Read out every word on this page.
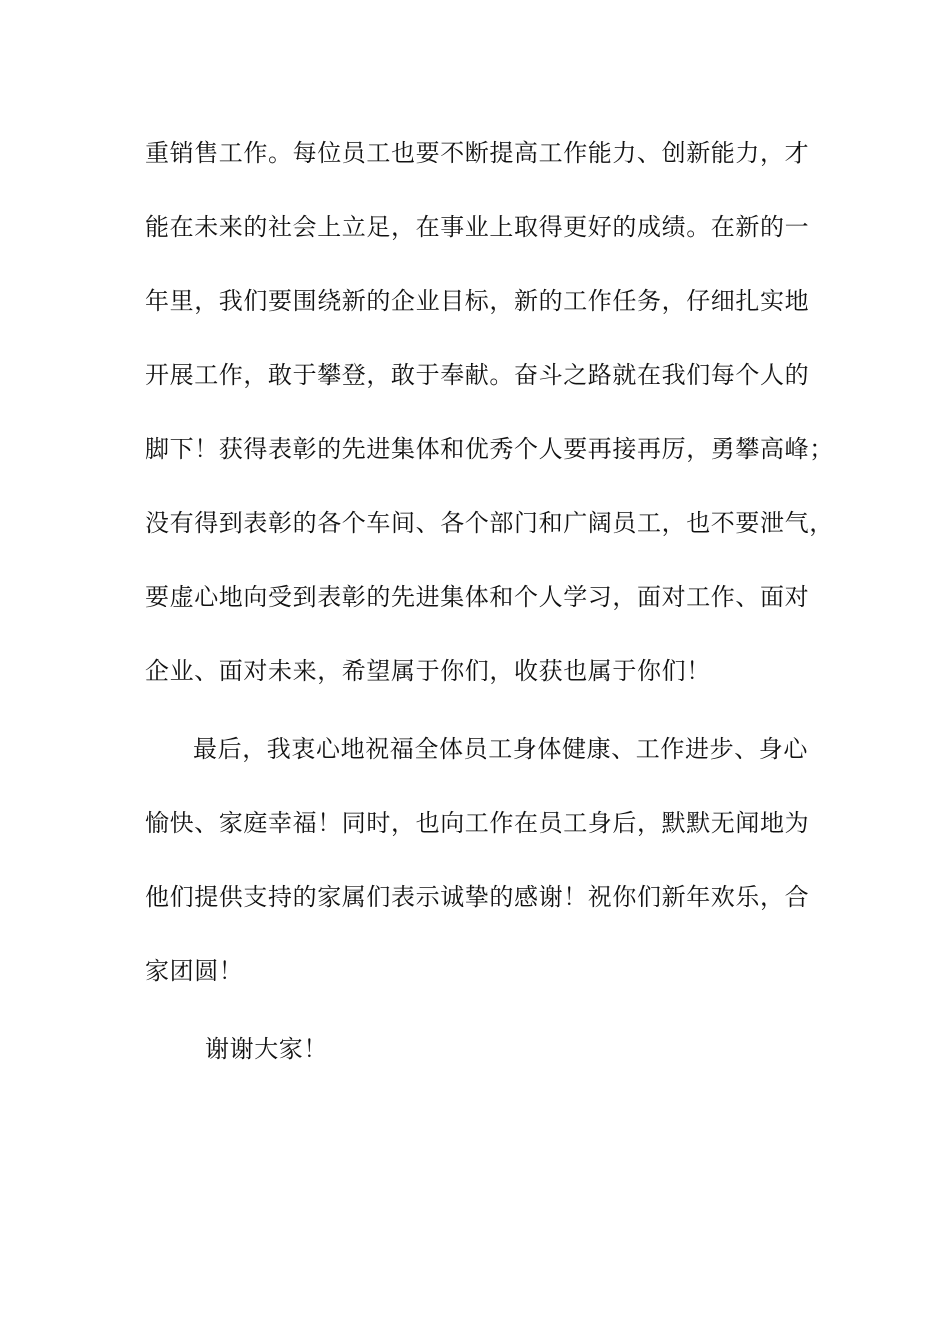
重销售工作。每位员工也要不断提高工作能力、创新能力，才
能在未来的社会上立足，在事业上取得更好的成绩。在新的一
年里，我们要围绕新的企业目标，新的工作任务，仔细扎实地
开展工作，敢于攀登，敢于奉献。奋斗之路就在我们每个人的
脚下！获得表彰的先进集体和优秀个人要再接再厉，勇攀高峰；
没有得到表彰的各个车间、各个部门和广阔员工，也不要泄气，
要虚心地向受到表彰的先进集体和个人学习，面对工作、面对
企业、面对未来，希望属于你们，收获也属于你们！
最后，我衷心地祝福全体员工身体健康、工作进步、身心
愉快、家庭幸福！同时，也向工作在员工身后，默默无闻地为
他们提供支持的家属们表示诚挚的感谢！祝你们新年欢乐，合
家团圆！
谢谢大家！
